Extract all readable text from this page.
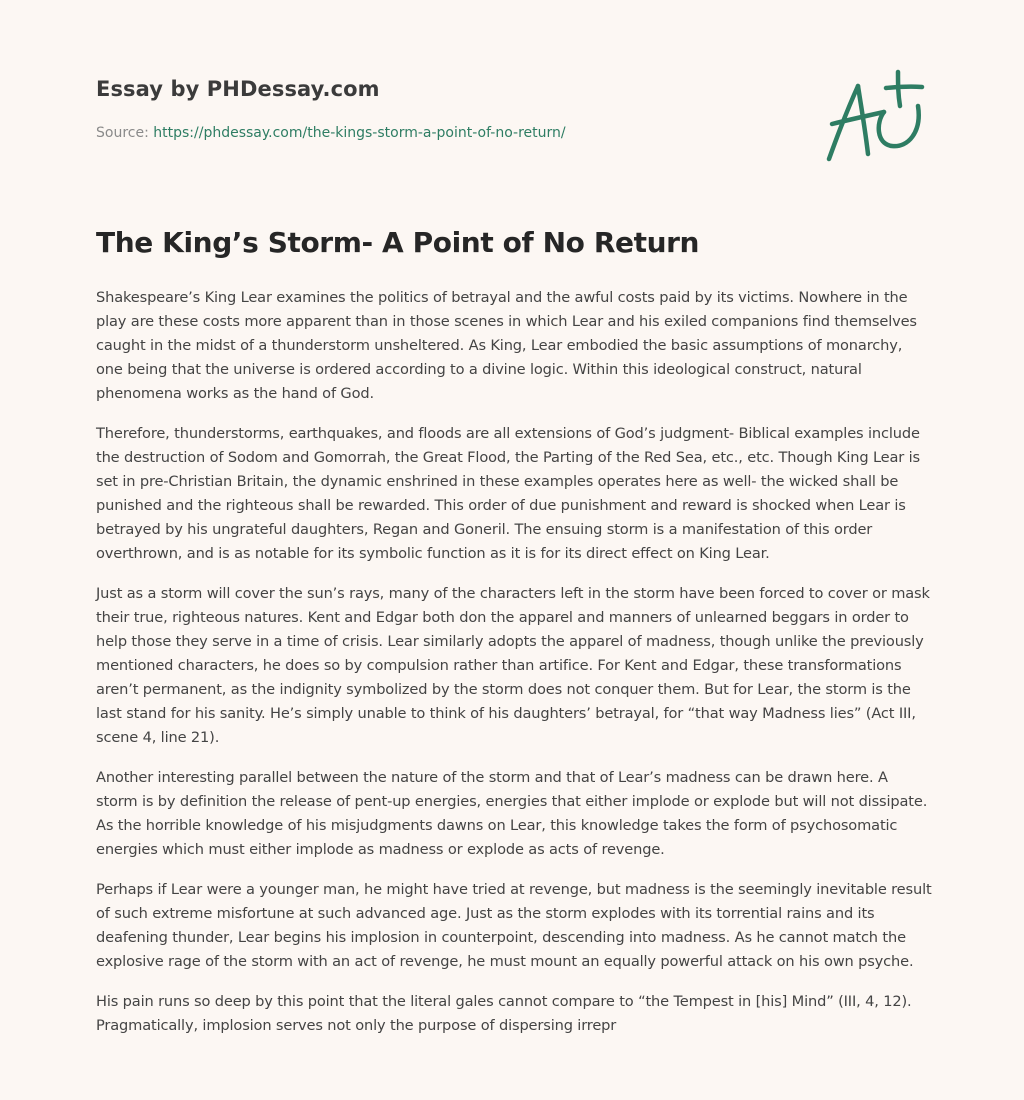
Essay by PHDessay.com
Source: https://phdessay.com/the-kings-storm-a-point-of-no-return/
The King’s Storm- A Point of No Return

Shakespeare’s King Lear examines the politics of betrayal and the awful costs paid by its victims. Nowhere in the play are these costs more apparent than in those scenes in which Lear and his exiled companions find themselves caught in the midst of a thunderstorm unsheltered. As King, Lear embodied the basic assumptions of monarchy, one being that the universe is ordered according to a divine logic. Within this ideological construct, natural phenomena works as the hand of God.

Therefore, thunderstorms, earthquakes, and floods are all extensions of God’s judgment- Biblical examples include the destruction of Sodom and Gomorrah, the Great Flood, the Parting of the Red Sea, etc., etc. Though King Lear is set in pre-Christian Britain, the dynamic enshrined in these examples operates here as well- the wicked shall be punished and the righteous shall be rewarded. This order of due punishment and reward is shocked when Lear is betrayed by his ungrateful daughters, Regan and Goneril. The ensuing storm is a manifestation of this order overthrown, and is as notable for its symbolic function as it is for its direct effect on King Lear.

Just as a storm will cover the sun’s rays, many of the characters left in the storm have been forced to cover or mask their true, righteous natures. Kent and Edgar both don the apparel and manners of unlearned beggars in order to help those they serve in a time of crisis. Lear similarly adopts the apparel of madness, though unlike the previously mentioned characters, he does so by compulsion rather than artifice. For Kent and Edgar, these transformations aren’t permanent, as the indignity symbolized by the storm does not conquer them. But for Lear, the storm is the last stand for his sanity. He’s simply unable to think of his daughters’ betrayal, for “that way Madness lies” (Act III, scene 4, line 21).

Another interesting parallel between the nature of the storm and that of Lear’s madness can be drawn here. A storm is by definition the release of pent-up energies, energies that either implode or explode but will not dissipate. As the horrible knowledge of his misjudgments dawns on Lear, this knowledge takes the form of psychosomatic energies which must either implode as madness or explode as acts of revenge.

Perhaps if Lear were a younger man, he might have tried at revenge, but madness is the seemingly inevitable result of such extreme misfortune at such advanced age. Just as the storm explodes with its torrential rains and its deafening thunder, Lear begins his implosion in counterpoint, descending into madness. As he cannot match the explosive rage of the storm with an act of revenge, he must mount an equally powerful attack on his own psyche.

His pain runs so deep by this point that the literal gales cannot compare to “the Tempest in [his] Mind” (III, 4, 12). Pragmatically, implosion serves not only the purpose of dispersing irrepr
